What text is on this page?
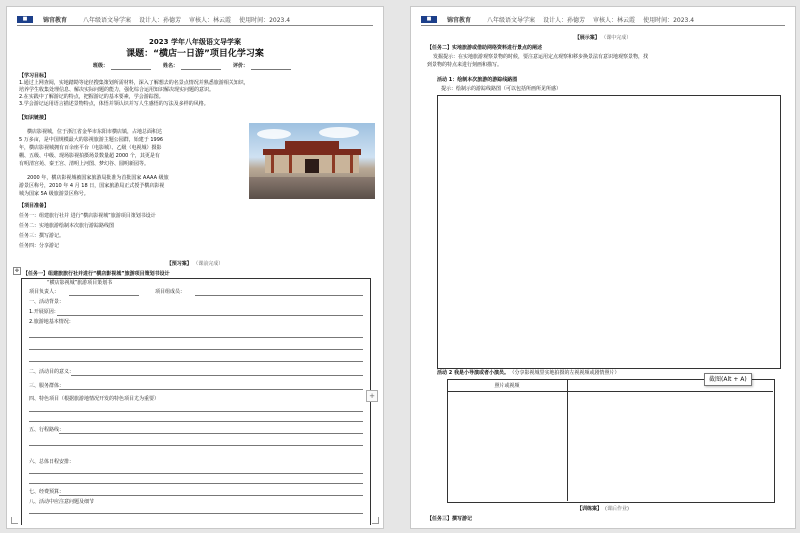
■	锦官教育	八年级语文导学案 设计人：孙德芳 审核人：林云霞 使用时间：2023.4
2023 学年八年级语文导学案
课题：“横店一日游”项目化学习案
班级：	姓名：	评价：
【学习目标】
1.通过上网查阅，实地踏勘等途径搜集策划所需材料，深入了解想去的名景点情况并熟悉旅游相关知识，
培养学生收集处理信息、解决实际问题的能力，强化综合运用知识解决现实问题的意识。
2.在实践中了解游记的特点，把握游记的基本要素，学会游踪图。
3.学会游记运用语言描述景物特点，体悟并领认识并写人生感悟的写法及多样的风格。
【知识链接】
横店影视城，位于浙江省金华市东阳市横店镇，占地总面积达
5 万多亩，是中国规模最大的影视旅游主题公园群，始建于 1996
年，横店影视城拥有百余座平台（电影城）、乙级（电视城）摄影
棚、五级、中级、现场影视拍摄场景数量超 2000 个，其更是有
有明清宫苑、秦王宫、清明上河图、梦幻谷、圆明新园等。
2000 年，横店影视城被国家旅游局批准为首批国家 AAAA 级旅
游景区称号，2010 年 4 月 18 日，国家旅游局正式授予横店影视
城为国家 5A 级旅游景区称号。
【项目准备】
任务一：组建旅行社并 进行“横店影视城”旅游项目策划书设计
任务二：实地旅游绘制本次旅行游踪路线图
任务三：撰写游记。
任务四：分享游记
【预习案】 （课前完成）
✥ 【任务一】组建旅旅行社并进行“横店影视城”旅游项目策划书设计
“横店影视城”旅游项目策划书
项目负责人：	项目组成员：
一、活动背景：
1.开展原因：
2.旅游地基本情况：
二、活动目的意义：
三、服务群体：
四、特色项目（根据旅游地情况开发的特色项目尤为重要）
五、行程路线：
六、总体日程安排：
七、经费预算：
八、活动中应注意问题及细节
+
■	锦官教育	八年级语文导学案 设计人：孙德芳 审核人：林云霞 使用时间：2023.4
【展示案】 （课中完成）
【任务二】实地旅游或借助网络资料进行景点的阐述
发掘提示：在实地旅游观察景物的时候，要注意运用定点观察和移步换景法有意识地观察景物，找
到景物的特点来进行刻画和描写。
活动 1：绘制本次旅游的游踪线路图
提示：绘制示的游踪线路图（可以包括所画所见所感）
活动 2 我是小导演或者小演员。 （分享影视城里实地拍摄的左视视频或剧情照片）
照片或视频
【训练案】 (课后作业)
【任务三】撰写游记
截图(Alt + A)
